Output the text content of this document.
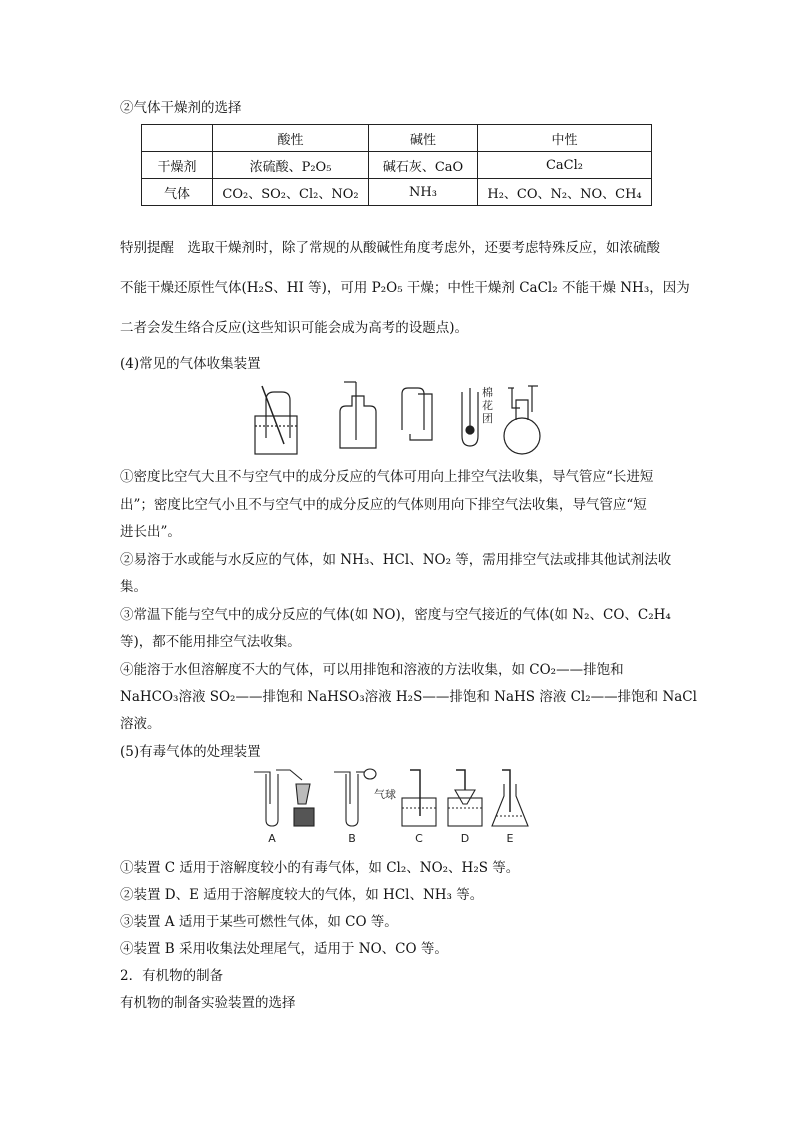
②气体干燥剂的选择
	酸性	碱性	中性
干燥剂	浓硫酸、P₂O₅	碱石灰、CaO	CaCl₂
气体	CO₂、SO₂、Cl₂、NO₂	NH₃	H₂、CO、N₂、NO、CH₄
特别提醒　选取干燥剂时，除了常规的从酸碱性角度考虑外，还要考虑特殊反应，如浓硫酸
不能干燥还原性气体(H₂S、HI 等)，可用 P₂O₅ 干燥；中性干燥剂 CaCl₂ 不能干燥 NH₃，因为
二者会发生络合反应(这些知识可能会成为高考的设题点)。
(4)常见的气体收集装置
棉花团
①密度比空气大且不与空气中的成分反应的气体可用向上排空气法收集，导气管应“长进短
出”；密度比空气小且不与空气中的成分反应的气体则用向下排空气法收集，导气管应“短
进长出”。
②易溶于水或能与水反应的气体，如 NH₃、HCl、NO₂ 等，需用排空气法或排其他试剂法收
集。
③常温下能与空气中的成分反应的气体(如 NO)，密度与空气接近的气体(如 N₂、CO、C₂H₄
等)，都不能用排空气法收集。
④能溶于水但溶解度不大的气体，可以用排饱和溶液的方法收集，如 CO₂——排饱和
NaHCO₃溶液 SO₂——排饱和 NaHSO₃溶液 H₂S——排饱和 NaHS 溶液 Cl₂——排饱和 NaCl
溶液。
(5)有毒气体的处理装置
气球
A	B	C	D	E
①装置 C 适用于溶解度较小的有毒气体，如 Cl₂、NO₂、H₂S 等。
②装置 D、E 适用于溶解度较大的气体，如 HCl、NH₃ 等。
③装置 A 适用于某些可燃性气体，如 CO 等。
④装置 B 采用收集法处理尾气，适用于 NO、CO 等。
2．有机物的制备
有机物的制备实验装置的选择
